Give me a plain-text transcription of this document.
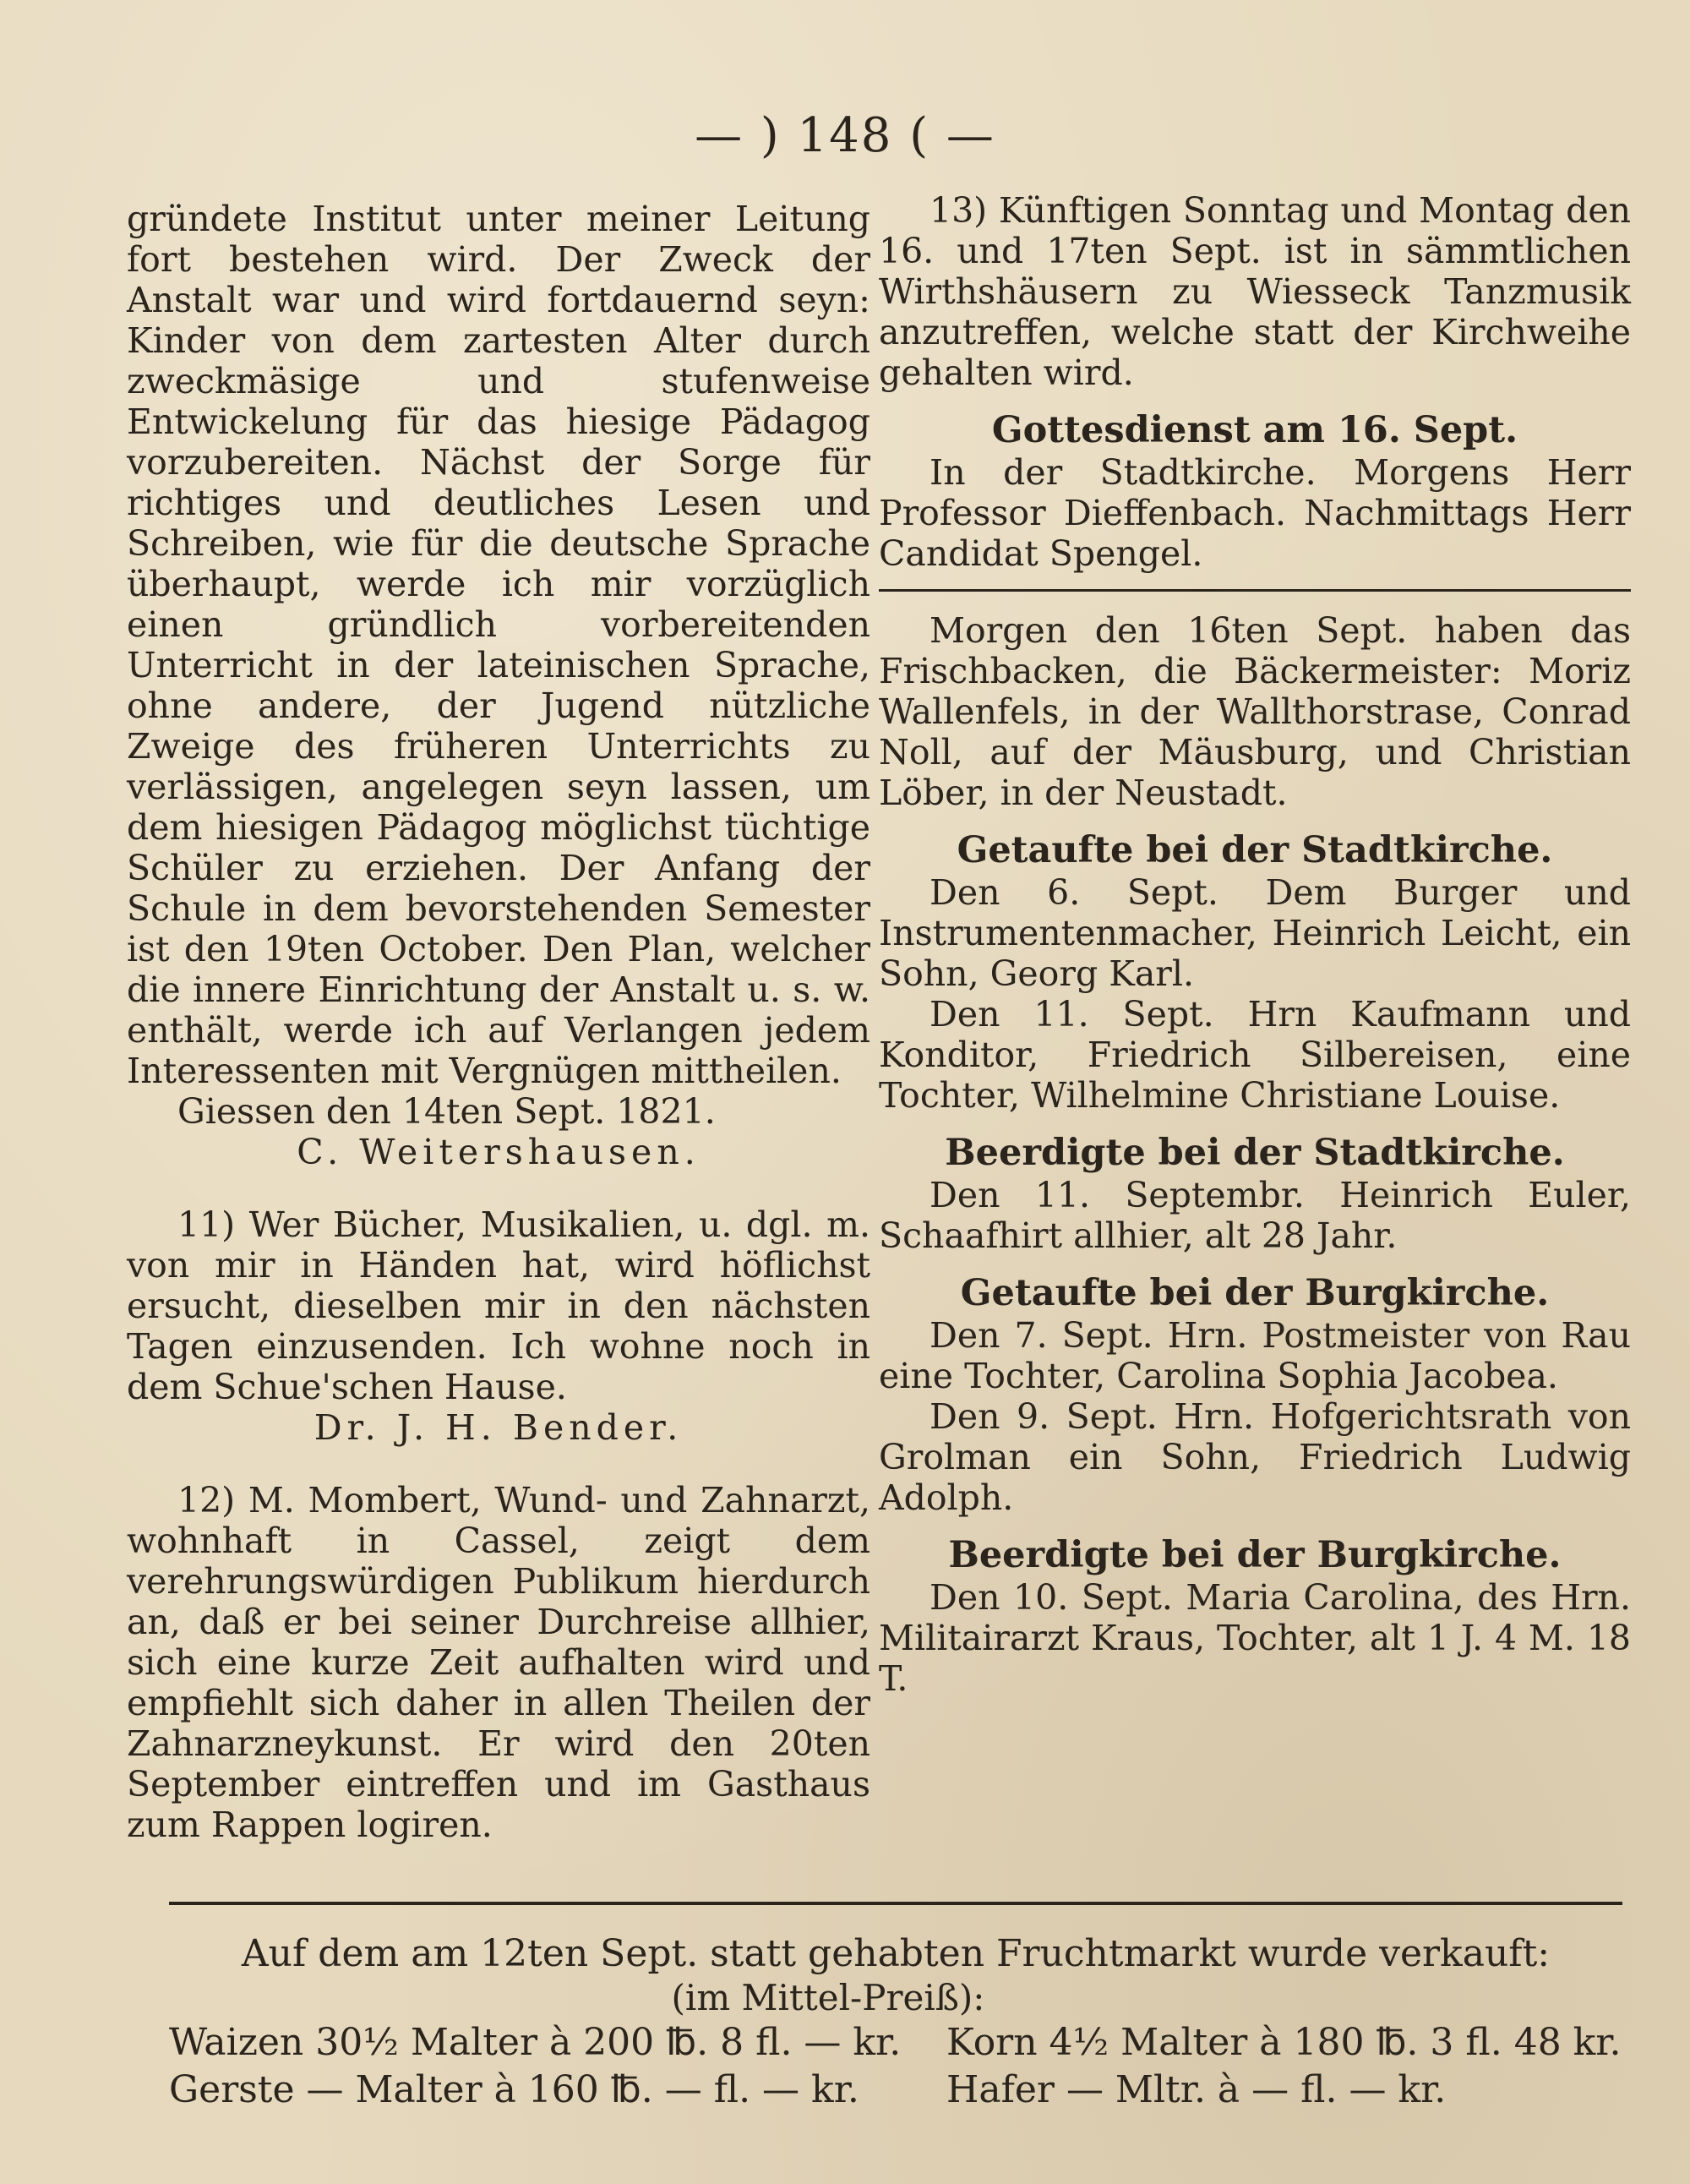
— ) 148 ( —

gründete Institut unter meiner Leitung fort bestehen wird. Der Zweck der Anstalt war und wird fortdauernd seyn: Kinder von dem zartesten Alter durch zweckmäsige und stufenweise Entwickelung für das hiesige Pädagog vorzubereiten. Nächst der Sorge für richtiges und deutliches Lesen und Schreiben, wie für die deutsche Sprache überhaupt, werde ich mir vorzüglich einen gründlich vorbereitenden Unterricht in der lateinischen Sprache, ohne andere, der Jugend nützliche Zweige des früheren Unterrichts zu verlässigen, angelegen seyn lassen, um dem hiesigen Pädagog möglichst tüchtige Schüler zu erziehen. Der Anfang der Schule in dem bevorstehenden Semester ist den 19ten October. Den Plan, welcher die innere Einrichtung der Anstalt u. s. w. enthält, werde ich auf Verlangen jedem Interessenten mit Vergnügen mittheilen.

Giessen den 14ten Sept. 1821.

C. Weitershausen.

11) Wer Bücher, Musikalien, u. dgl. m. von mir in Händen hat, wird höflichst ersucht, dieselben mir in den nächsten Tagen einzusenden. Ich wohne noch in dem Schue'schen Hause.

Dr. J. H. Bender.

12) M. Mombert, Wund- und Zahnarzt, wohnhaft in Cassel, zeigt dem verehrungswürdigen Publikum hierdurch an, daß er bei seiner Durchreise allhier, sich eine kurze Zeit aufhalten wird und empfiehlt sich daher in allen Theilen der Zahnarzneykunst. Er wird den 20ten September eintreffen und im Gasthaus zum Rappen logiren.

13) Künftigen Sonntag und Montag den 16. und 17ten Sept. ist in sämmtlichen Wirthshäusern zu Wiesseck Tanzmusik anzutreffen, welche statt der Kirchweihe gehalten wird.

Gottesdienst am 16. Sept.

In der Stadtkirche. Morgens Herr Professor Dieffenbach. Nachmittags Herr Candidat Spengel.

Morgen den 16ten Sept. haben das Frischbacken, die Bäckermeister: Moriz Wallenfels, in der Wallthorstrase, Conrad Noll, auf der Mäusburg, und Christian Löber, in der Neustadt.

Getaufte bei der Stadtkirche.

Den 6. Sept. Dem Burger und Instrumentenmacher, Heinrich Leicht, ein Sohn, Georg Karl.

Den 11. Sept. Hrn Kaufmann und Konditor, Friedrich Silbereisen, eine Tochter, Wilhelmine Christiane Louise.

Beerdigte bei der Stadtkirche.

Den 11. Septembr. Heinrich Euler, Schaafhirt allhier, alt 28 Jahr.

Getaufte bei der Burgkirche.

Den 7. Sept. Hrn. Postmeister von Rau eine Tochter, Carolina Sophia Jacobea.

Den 9. Sept. Hrn. Hofgerichtsrath von Grolman ein Sohn, Friedrich Ludwig Adolph.

Beerdigte bei der Burgkirche.

Den 10. Sept. Maria Carolina, des Hrn. Militairarzt Kraus, Tochter, alt 1 J. 4 M. 18 T.

Auf dem am 12ten Sept. statt gehabten Fruchtmarkt wurde verkauft:
(im Mittel-Preiß):
Waizen 30½ Malter à 200 ℔. 8 fl. — kr.	Korn 4½ Malter à 180 ℔. 3 fl. 48 kr.
Gerste — Malter à 160 ℔. — fl. — kr.	Hafer — Mltr. à — fl. — kr.
